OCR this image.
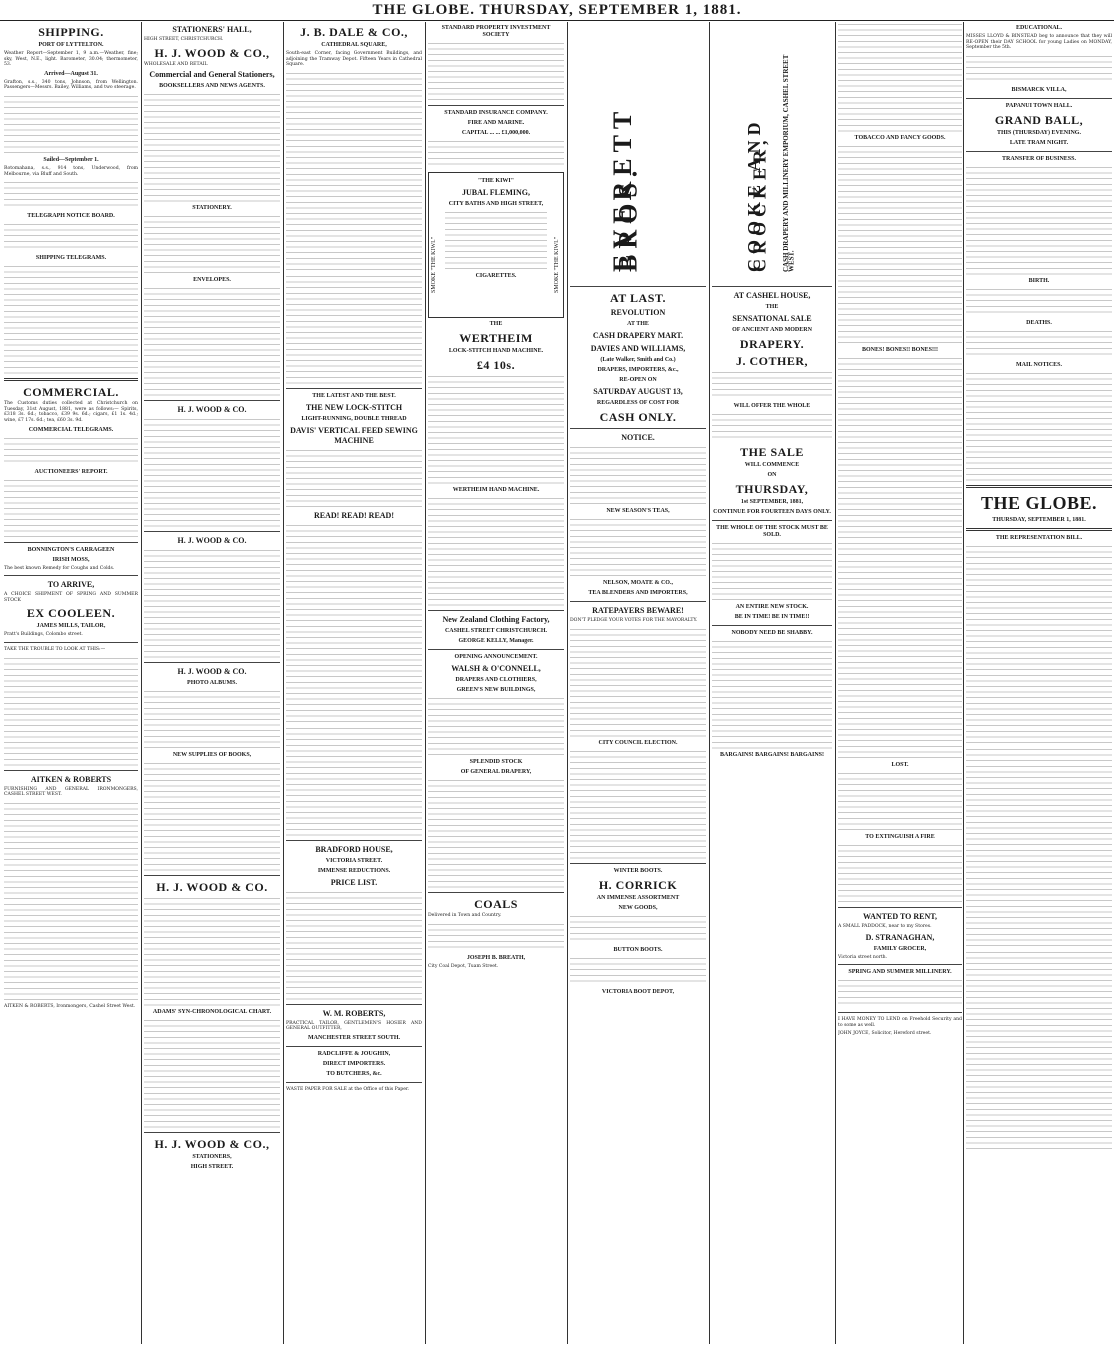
THE GLOBE. THURSDAY, SEPTEMBER 1, 1881.
SHIPPING.
PORT OF LYTTELTON.

Weather Report—September 1, 9 a.m.—Weather, fine; sky, West, N.E., light. Barometer, 30.04; thermometer, 53.

Arrived—August 31.

Grafton, s.s., 340 tons, Johnson, from Wellington. Passengers—Messrs. Bailey, Williams, and two steerage.

Sailed—September 1.

Rotomahana, s.s., 914 tons, Underwood, from Melbourne, via Bluff and South.

TELEGRAPH NOTICE BOARD.
SHIPPING TELEGRAMS.
COMMERCIAL.

The Customs duties collected at Christchurch on Tuesday, 31st August, 1881, were as follows:— Spirits, £318 3s. 6d.; tobacco, £39 9s. 6d.; cigars, £1 1s. 4d.; wine, £7 17s. 6d.; tea, £60 3s. 9d.

COMMERCIAL TELEGRAMS.
AUCTIONEERS' REPORT.
BONNINGTON'S CARRAGEEN
IRISH MOSS,

The best known Remedy for Coughs and Colds.

TO ARRIVE,

A CHOICE SHIPMENT OF SPRING AND SUMMER STOCK

EX COOLEEN.
JAMES MILLS, TAILOR,

Pratt's Buildings, Colombo street.

TAKE THE TROUBLE TO LOOK AT THIS:—

AITKEN & ROBERTS

FURNISHING AND GENERAL IRONMONGERS, CASHEL STREET WEST.

AITKEN & ROBERTS, Ironmongers, Cashel Street West.

STATIONERS' HALL,

HIGH STREET, CHRISTCHURCH.

H. J. WOOD & CO.,

WHOLESALE AND RETAIL

Commercial and General Stationers,
BOOKSELLERS AND NEWS AGENTS.
STATIONERY.
ENVELOPES.
H. J. WOOD & CO.
H. J. WOOD & CO.
H. J. WOOD & CO.
PHOTO ALBUMS.
NEW SUPPLIES OF BOOKS,
H. J. WOOD & CO.
ADAMS' SYN-CHRONOLOGICAL CHART.
H. J. WOOD & CO.,
STATIONERS,
HIGH STREET.
J. B. DALE & CO.,
CATHEDRAL SQUARE,

South-east Corner, facing Government Buildings, and adjoining the Tramway Depot. Fifteen Years in Cathedral Square.

THE LATEST AND THE BEST.
THE NEW LOCK-STITCH
LIGHT-RUNNING, DOUBLE THREAD
DAVIS' VERTICAL FEED SEWING MACHINE
READ! READ! READ!
BRADFORD HOUSE,
VICTORIA STREET.
IMMENSE REDUCTIONS.
PRICE LIST.
W. M. ROBERTS,

PRACTICAL TAILOR, GENTLEMEN'S HOSIER AND GENERAL OUTFITTER,

MANCHESTER STREET SOUTH.
RADCLIFFE & JOUGHIN,
DIRECT IMPORTERS.
TO BUTCHERS, &c.

WASTE PAPER FOR SALE at the Office of this Paper.

STANDARD PROPERTY INVESTMENT SOCIETY
STANDARD INSURANCE COMPANY.
FIRE AND MARINE.
CAPITAL ... ... £1,000,000.
"THE KIWI"
SMOKE "THE KIWI."	SMOKE "THE KIWI."
JUBAL FLEMING,
CITY BATHS AND HIGH STREET,
CIGARETTES.
THE
WERTHEIM
LOCK-STITCH HAND MACHINE.
£4 10s.
WERTHEIM HAND MACHINE.
New Zealand Clothing Factory,
CASHEL STREET CHRISTCHURCH.
GEORGE KELLY, Manager.
OPENING ANNOUNCEMENT.
WALSH & O'CONNELL,
DRAPERS AND CLOTHIERS,
GREEN'S NEW BUILDINGS,
SPLENDID STOCK
OF GENERAL DRAPERY,
COALS

Delivered in Town and Country.

JOSEPH B. BREATH,

City Coal Depot, Tuam Street.

EVERETT BROS.
AT LAST.
REVOLUTION
AT THE
CASH DRAPERY MART.
DAVIES AND WILLIAMS,
(Late Walker, Smith and Co.)
DRAPERS, IMPORTERS, &c.,
RE-OPEN ON
SATURDAY AUGUST 13,
REGARDLESS OF COST FOR
CASH ONLY.
NOTICE.
NEW SEASON'S TEAS,
NELSON, MOATE & CO.,
TEA BLENDERS AND IMPORTERS,
RATEPAYERS BEWARE!

DON'T PLEDGE YOUR VOTES FOR THE MAYORALTY.

CITY COUNCIL ELECTION.
WINTER BOOTS.
H. CORRICK
AN IMMENSE ASSORTMENT
NEW GOODS,
BUTTON BOOTS.
VICTORIA BOOT DEPOT,
COOKE AND CROCKER, CASH DRAPERY AND MILLINERY EMPORIUM, CASHEL STREET WEST.
AT CASHEL HOUSE,
THE
SENSATIONAL SALE
OF ANCIENT AND MODERN
DRAPERY.
J. COTHER,
WILL OFFER THE WHOLE
THE SALE
WILL COMMENCE
ON
THURSDAY,
1st SEPTEMBER, 1881,
CONTINUE FOR FOURTEEN DAYS ONLY.
THE WHOLE OF THE STOCK MUST BE SOLD.
AN ENTIRE NEW STOCK.
BE IN TIME! BE IN TIME!!
NOBODY NEED BE SHABBY.
BARGAINS! BARGAINS! BARGAINS!
TOBACCO AND FANCY GOODS.
BONES! BONES!! BONES!!!
LOST.
TO EXTINGUISH A FIRE
WANTED TO RENT,

A SMALL PADDOCK, near to my Stores.

D. STRANAGHAN,
FAMILY GROCER,

Victoria street north.

SPRING AND SUMMER MILLINERY.

I HAVE MONEY TO LEND on Freehold Security and to some as well.

JOHN JOYCE, Solicitor, Hereford street.

EDUCATIONAL.

MISSES LLOYD & BINSTEAD beg to announce that they will RE-OPEN their DAY SCHOOL for young Ladies on MONDAY, September the 5th.

BISMARCK VILLA,
PAPANUI TOWN HALL.
GRAND BALL,
THIS (THURSDAY) EVENING.
LATE TRAM NIGHT.
TRANSFER OF BUSINESS.
BIRTH.
DEATHS.
MAIL NOTICES.
THE GLOBE.
THURSDAY, SEPTEMBER 1, 1881.
THE REPRESENTATION BILL.
